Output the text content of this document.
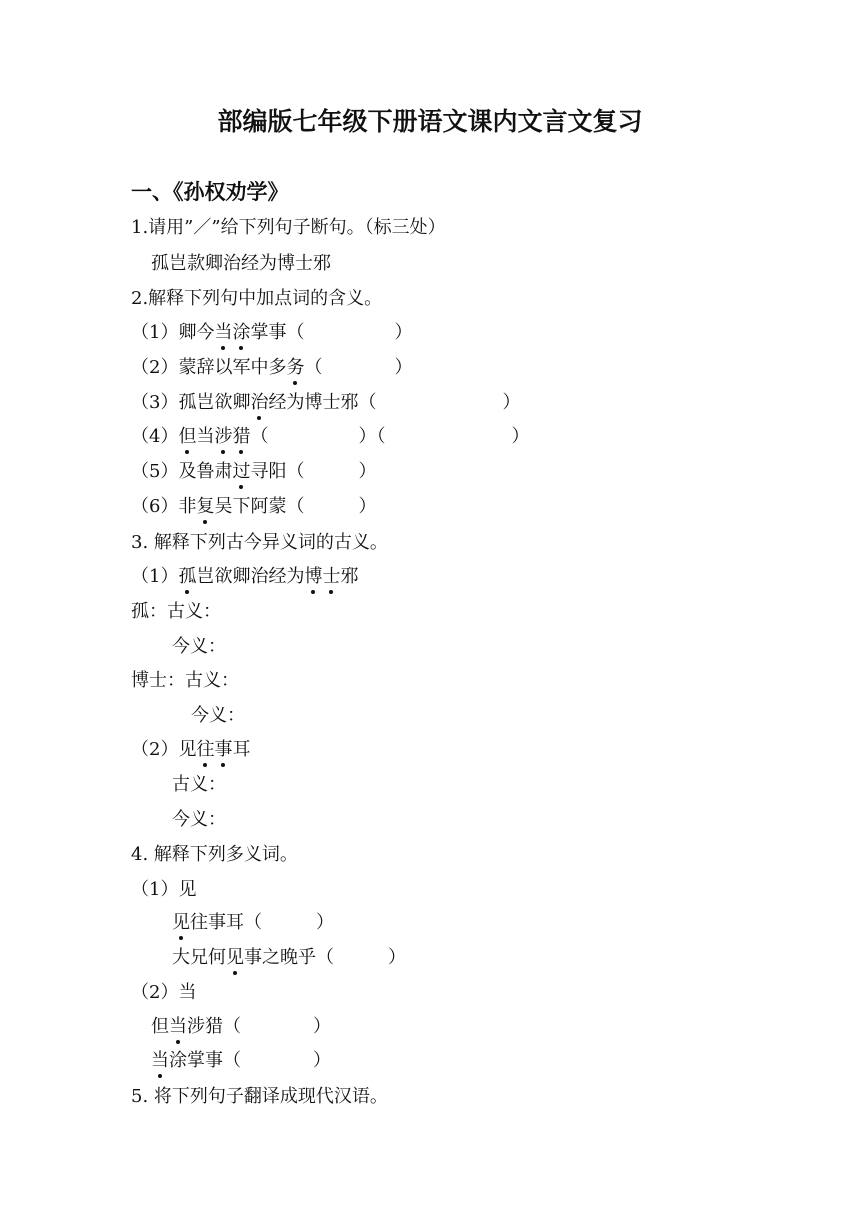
部编版七年级下册语文课内文言文复习
一、《孙权劝学》

1.请用”／”给下列句子断句。（标三处）

孤岂款卿治经为博士邪

2.解释下列句中加点词的含义。

（1）卿今当涂掌事（　　　　　）

（2）蒙辞以军中多务（　　　　）

（3）孤岂欲卿治经为博士邪（　　　　　　　）

（4）但当涉猎（　　　　　）（　　　　　　　）

（5）及鲁肃过寻阳（　　　）

（6）非复吴下阿蒙（　　　）

3. 解释下列古今异义词的古义。

（1）孤岂欲卿治经为博士邪

孤：古义：

今义：

博士：古义：

今义：

（2）见往事耳

古义：

今义：

4. 解释下列多义词。

（1）见

见往事耳（　　　）

大兄何见事之晚乎（　　　）

（2）当

但当涉猎（　　　　）

当涂掌事（　　　　）

5. 将下列句子翻译成现代汉语。
